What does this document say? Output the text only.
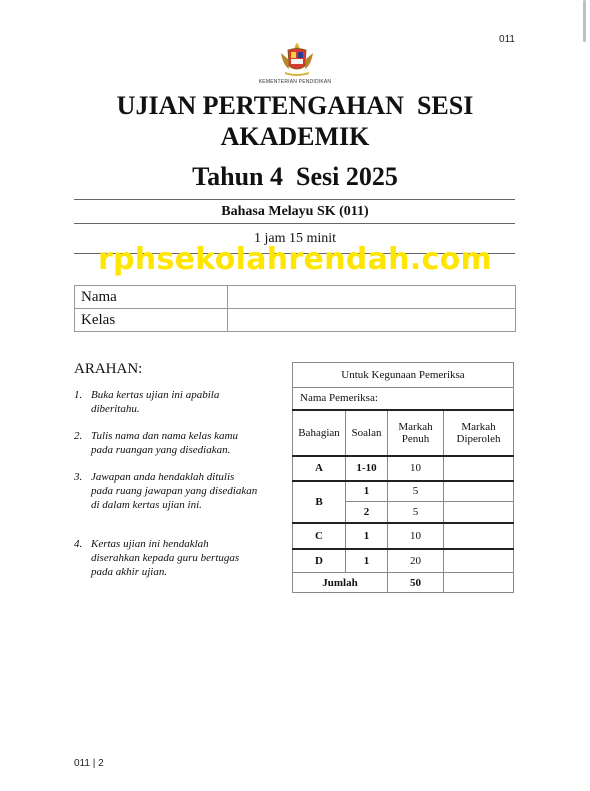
011
KEMENTERIAN PENDIDIKAN
UJIAN PERTENGAHAN  SESI
AKADEMIK
Tahun 4  Sesi 2025
Bahasa Melayu SK (011)
1 jam 15 minit
rphsekolahrendah.com
Nama	
Kelas	
ARAHAN:
1. Buka kertas ujian ini apabila diberitahu.
2. Tulis nama dan nama kelas kamu pada ruangan yang disediakan.
3. Jawapan anda hendaklah ditulis pada ruang jawapan yang disediakan di dalam kertas ujian ini.
4. Kertas ujian ini hendaklah diserahkan kepada guru bertugas pada akhir ujian.
Untuk Kegunaan Pemeriksa			
Nama Pemeriksa:			
Bahagian	Soalan	Markah Penuh	Markah Diperoleh
A	1-10	10	
B	1	5	
	2	5	
C	1	10	
D	1	20	
Jumlah		50	
011 | 2
